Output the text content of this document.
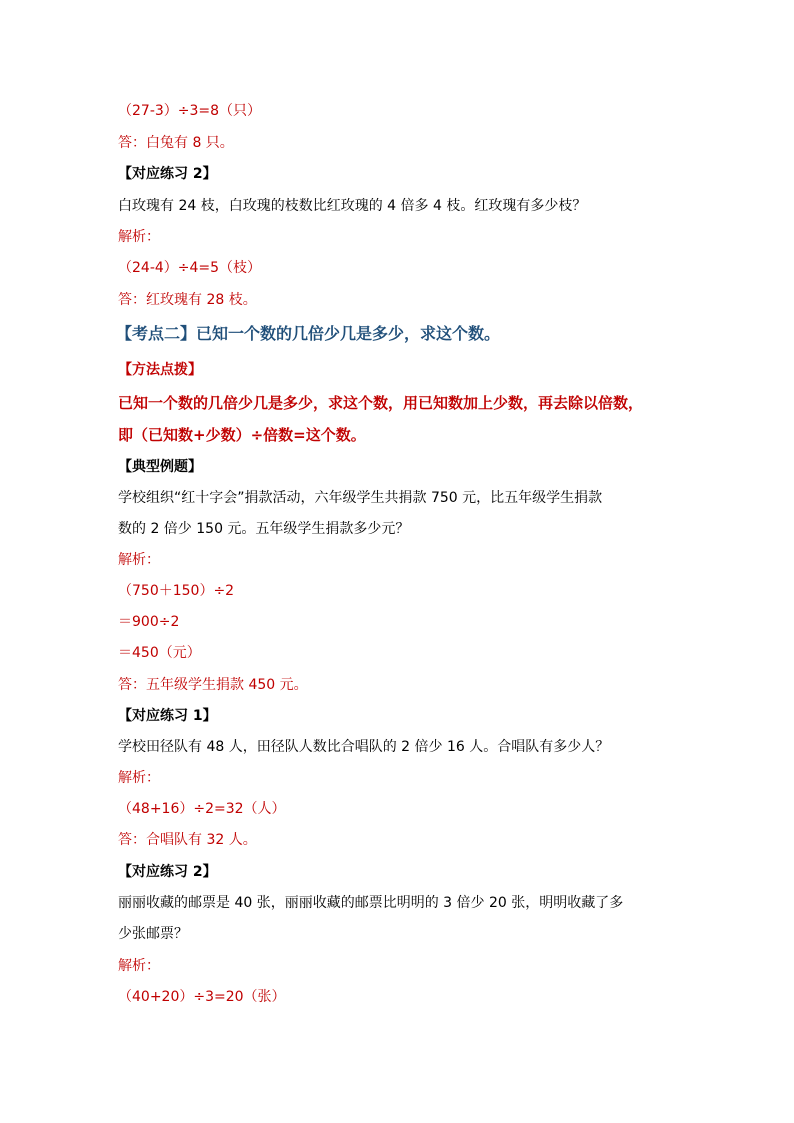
（27-3）÷3=8（只）
答：白兔有 8 只。
【对应练习 2】
白玫瑰有 24 枝，白玫瑰的枝数比红玫瑰的 4 倍多 4 枝。红玫瑰有多少枝？
解析：
（24-4）÷4=5（枝）
答：红玫瑰有 28 枝。
【考点二】已知一个数的几倍少几是多少，求这个数。
【方法点拨】
已知一个数的几倍少几是多少，求这个数，用已知数加上少数，再去除以倍数，
即（已知数+少数）÷倍数=这个数。
【典型例题】
学校组织“红十字会”捐款活动，六年级学生共捐款 750 元，比五年级学生捐款
数的 2 倍少 150 元。五年级学生捐款多少元？
解析：
（750＋150）÷2
＝900÷2
＝450（元）
答：五年级学生捐款 450 元。
【对应练习 1】
学校田径队有 48 人，田径队人数比合唱队的 2 倍少 16 人。合唱队有多少人？
解析：
（48+16）÷2=32（人）
答：合唱队有 32 人。
【对应练习 2】
丽丽收藏的邮票是 40 张，丽丽收藏的邮票比明明的 3 倍少 20 张，明明收藏了多
少张邮票？
解析：
（40+20）÷3=20（张）
